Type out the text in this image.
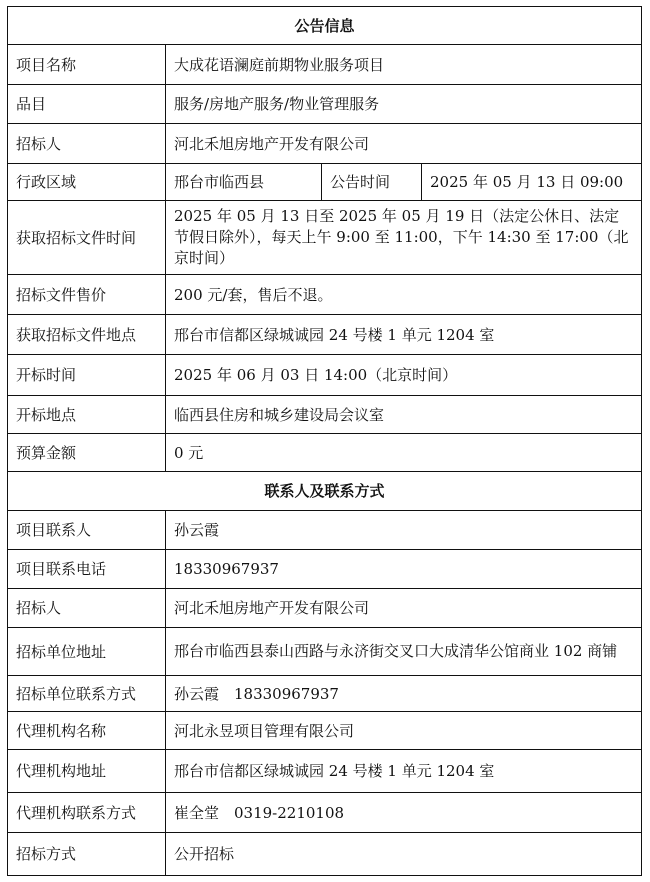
公告信息			
项目名称	大成花语澜庭前期物业服务项目		
品目	服务/房地产服务/物业管理服务		
招标人	河北禾旭房地产开发有限公司		
行政区域	邢台市临西县	公告时间	2025 年 05 月 13 日 09:00
获取招标文件时间	2025 年 05 月 13 日至 2025 年 05 月 19 日（法定公休日、法定节假日除外），每天上午 9:00 至 11:00，下午 14:30 至 17:00（北京时间）		
招标文件售价	200 元/套，售后不退。		
获取招标文件地点	邢台市信都区绿城诚园 24 号楼 1 单元 1204 室		
开标时间	2025 年 06 月 03 日 14:00（北京时间）		
开标地点	临西县住房和城乡建设局会议室		
预算金额	0 元		
联系人及联系方式			
项目联系人	孙云霞		
项目联系电话	18330967937		
招标人	河北禾旭房地产开发有限公司		
招标单位地址	邢台市临西县泰山西路与永济街交叉口大成清华公馆商业 102 商铺		
招标单位联系方式	孙云霞　18330967937		
代理机构名称	河北永昱项目管理有限公司		
代理机构地址	邢台市信都区绿城诚园 24 号楼 1 单元 1204 室		
代理机构联系方式	崔全堂　0319-2210108		
招标方式	公开招标		
